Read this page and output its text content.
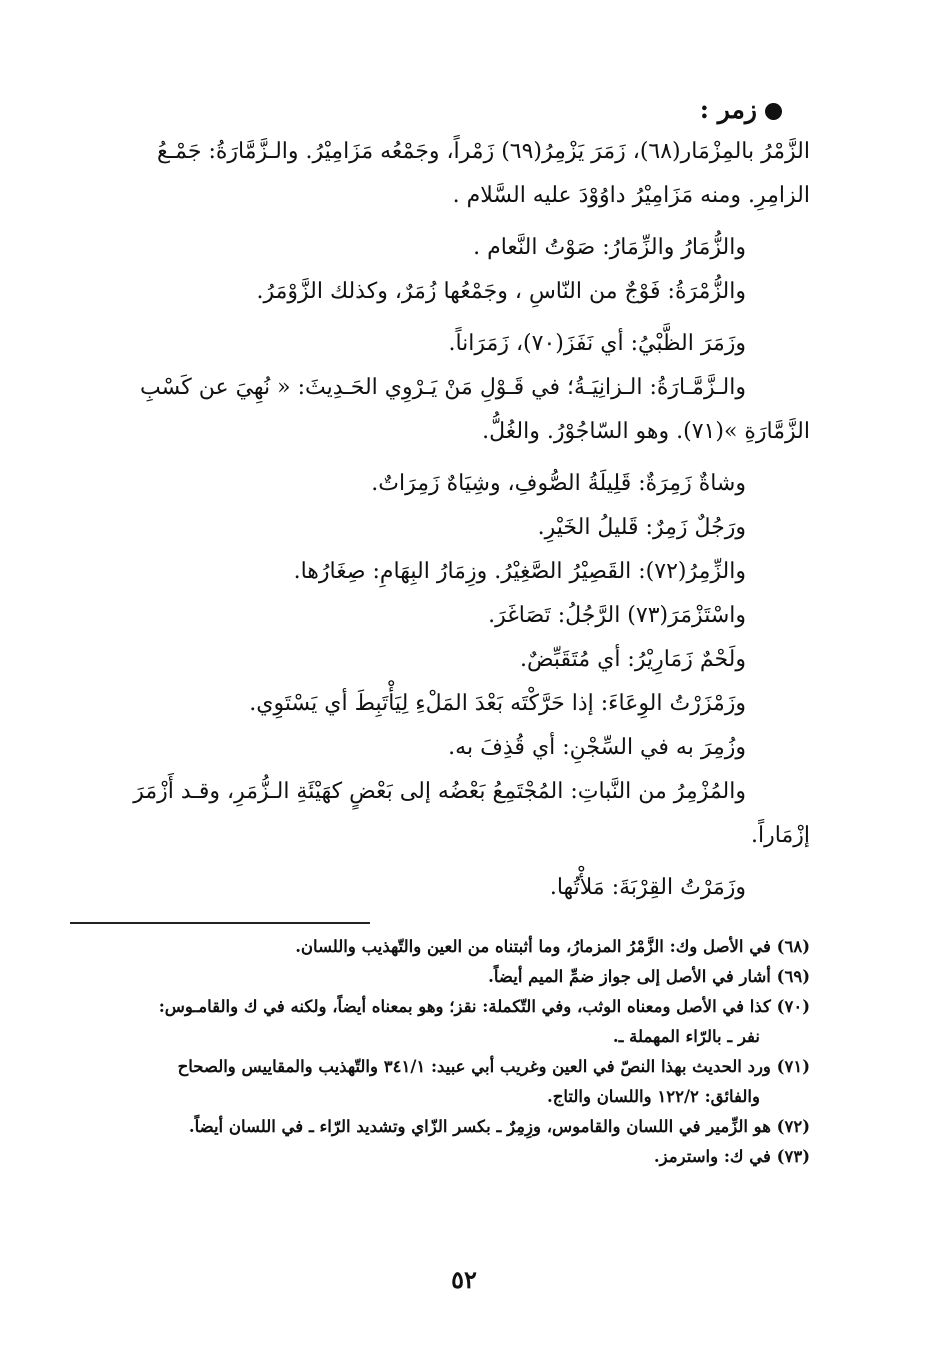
زمر :

الزَّمْرُ بالمِزْمَار(٦٨)، زَمَرَ يَزْمِرُ(٦٩) زَمْراً، وجَمْعُه مَزَامِيْرُ. والـزَّمَّارَةُ: جَمْـعُ

الزامِرِ. ومنه مَزَامِيْرُ داوُوْدَ عليه السَّلام .

والزُّمَارُ والزِّمَارُ: صَوْتُ النَّعام .

والزُّمْرَةُ: فَوْجٌ من النّاسِ ، وجَمْعُها زُمَرٌ، وكذلك الزَّوْمَرُ.

وزَمَرَ الظَّبْيُ: أي نَفَزَ(٧٠)، زَمَرَاناً.

والـزَّمَّـارَةُ: الـزانِيَـةُ؛ في قَـوْلِ مَنْ يَـرْوِي الحَـدِيثَ: « نُهِيَ عن كَسْبِ

الزَّمَّارَةِ »(٧١). وهو السّاجُوْرُ. والغُلُّ.

وشاةٌ زَمِرَةٌ: قَلِيلَةُ الصُّوفِ، وشِيَاهٌ زَمِرَاتٌ.

ورَجُلٌ زَمِرٌ: قَليلُ الخَيْرِ.

والزِّمِرُ(٧٢): القَصِيْرُ الصَّغِيْرُ. وزِمَارُ البِهَامِ: صِغَارُها.

واسْتَزْمَرَ(٧٣) الرَّجُلُ: تَصَاغَرَ.

ولَحْمٌ زَمَارِيْرُ: أي مُتَقَبِّضٌ.

وزَمْزَرْتُ الوِعَاءَ: إذا حَرَّكْتَه بَعْدَ المَلْءِ لِيَأْتَبِطَ أي يَسْتَوِي.

وزُمِرَ به في السِّجْنِ: أي قُذِفَ به.

والمُزْمِرُ من النَّباتِ: المُجْتَمِعُ بَعْضُه إلى بَعْضٍ كهَيْئَةِ الـزُّمَرِ، وقـد أَزْمَرَ

إزْمَاراً.

وزَمَرْتُ القِرْبَةَ: مَلأْتُها.

(٦٨) في الأصل وك: الزَّمْرُ المزمارُ، وما أثبتناه من العين والتّهذيب واللسان.

(٦٩) أشار في الأصل إلى جواز ضمِّ الميم أيضاً.

(٧٠) كذا في الأصل ومعناه الوثب، وفي التّكملة: نقز؛ وهو بمعناه أيضاً، ولكنه في ك والقامـوس:

نفر ـ بالرّاء المهملة ـ.

(٧١) ورد الحديث بهذا النصّ في العين وغريب أبي عبيد: ٣٤١/١ والتّهذيب والمقاييس والصحاح

والفائق: ١٢٢/٢ واللسان والتاج.

(٧٢) هو الزِّمير في اللسان والقاموس، وزِمِرٌ ـ بكسر الزّاي وتشديد الرّاء ـ في اللسان أيضاً.

(٧٣) في ك: واسترمز.

٥٢
